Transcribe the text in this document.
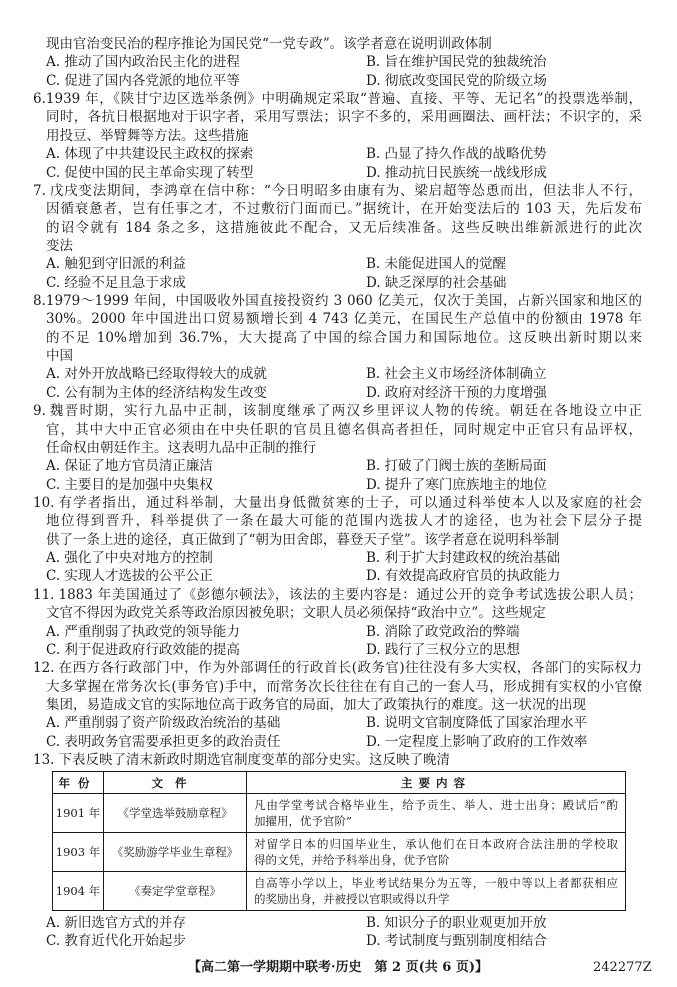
现由官治变民治的程序推论为国民党“一党专政”。该学者意在说明训政体制
A. 推动了国内政治民主化的进程	B. 旨在维护国民党的独裁统治
C. 促进了国内各党派的地位平等	D. 彻底改变国民党的阶级立场
6. 1939 年，《陕甘宁边区选举条例》中明确规定采取“普遍、直接、平等、无记名”的投票选举制，
同时，各抗日根据地对于识字者，采用写票法；识字不多的，采用画圈法、画杆法；不识字的，采
用投豆、举臂舞等方法。这些措施
A. 体现了中共建设民主政权的探索	B. 凸显了持久作战的战略优势
C. 促使中国的民主革命实现了转型	D. 推动抗日民族统一战线形成
7. 戊戌变法期间，李鸿章在信中称：“今日明昭多由康有为、梁启超等怂恿而出，但法非人不行，
因循衰惫者，岂有任事之才，不过敷衍门面而已。”据统计，在开始变法后的 103 天，先后发布
的诏令就有 184 条之多，这措施彼此不配合，又无后续准备。这些反映出维新派进行的此次
变法
A. 触犯到守旧派的利益	B. 未能促进国人的觉醒
C. 经验不足且急于求成	D. 缺乏深厚的社会基础
8. 1979～1999 年间，中国吸收外国直接投资约 3 060 亿美元，仅次于美国，占新兴国家和地区的
30%。2000 年中国进出口贸易额增长到 4 743 亿美元，在国民生产总值中的份额由 1978 年
的不足 10%增加到 36.7%，大大提高了中国的综合国力和国际地位。这反映出新时期以来
中国
A. 对外开放战略已经取得较大的成就	B. 社会主义市场经济体制确立
C. 公有制为主体的经济结构发生改变	D. 政府对经济干预的力度增强
9. 魏晋时期，实行九品中正制，该制度继承了两汉乡里评议人物的传统。朝廷在各地设立中正
官，其中大中正官必须由在中央任职的官员且德名俱高者担任，同时规定中正官只有品评权，
任命权由朝廷作主。这表明九品中正制的推行
A. 保证了地方官员清正廉洁	B. 打破了门阀士族的垄断局面
C. 主要目的是加强中央集权	D. 提升了寒门庶族地主的地位
10. 有学者指出，通过科举制，大量出身低微贫寒的士子，可以通过科举使本人以及家庭的社会
地位得到晋升，科举提供了一条在最大可能的范围内选拔人才的途径，也为社会下层分子提
供了一条上进的途径，真正做到了“朝为田舍郎，暮登天子堂”。该学者意在说明科举制
A. 强化了中央对地方的控制	B. 利于扩大封建政权的统治基础
C. 实现人才选拔的公平公正	D. 有效提高政府官员的执政能力
11. 1883 年美国通过了《彭德尔顿法》，该法的主要内容是：通过公开的竞争考试选拔公职人员；
文官不得因为政党关系等政治原因被免职；文职人员必须保持“政治中立”。这些规定
A. 严重削弱了执政党的领导能力	B. 消除了政党政治的弊端
C. 利于促进政府行政效能的提高	D. 践行了三权分立的思想
12. 在西方各行政部门中，作为外部调任的行政首长(政务官)往往没有多大实权，各部门的实际权力
大多掌握在常务次长(事务官)手中，而常务次长往往在有自己的一套人马，形成拥有实权的小官僚
集团，易造成文官的实际地位高于政务官的局面，加大了政策执行的难度。这一状况的出现
A. 严重削弱了资产阶级政治统治的基础	B. 说明文官制度降低了国家治理水平
C. 表明政务官需要承担更多的政治责任	D. 一定程度上影响了政府的工作效率
13. 下表反映了清末新政时期选官制度变革的部分史实。这反映了晚清
年份	文件	主要内容
1901 年	《学堂选举鼓励章程》	凡由学堂考试合格毕业生，给予贡生、举人、进士出身；殿试后“酌
加擢用，优予官阶”

1903 年	《奖励游学毕业生章程》	对留学日本的归国毕业生，承认他们在日本政府合法注册的学校取
得的文凭，并给予科举出身，优予官阶

1904 年	《奏定学堂章程》	自高等小学以上，毕业考试结果分为五等，一般中等以上者都获相应
的奖励出身，并被授以官职或得以升学
A. 新旧选官方式的并存	B. 知识分子的职业观更加开放
C. 教育近代化开始起步	D. 考试制度与甄别制度相结合
【高二第一学期期中联考·历史　第 2 页(共 6 页)】	242277Z
